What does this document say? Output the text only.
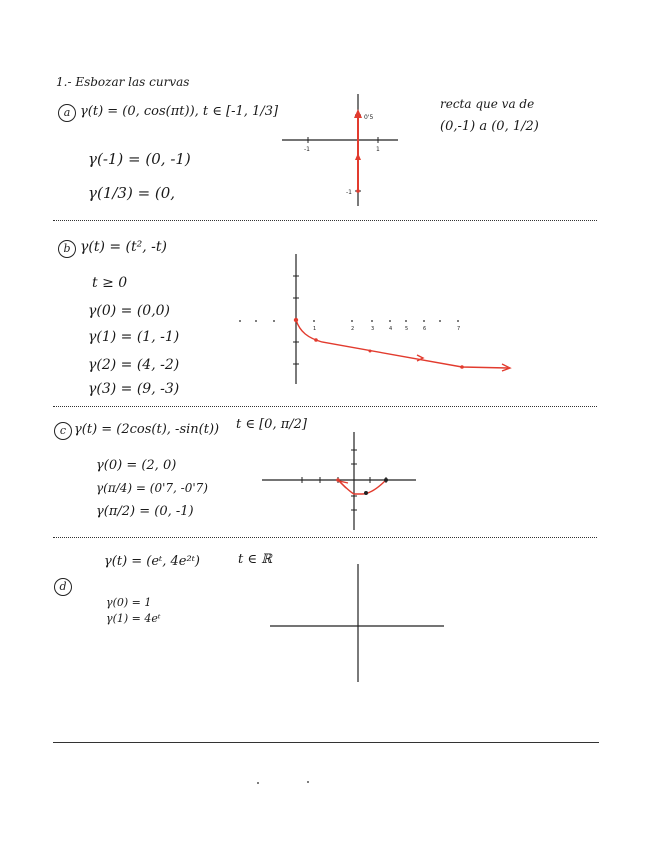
1.- Esbozar las curvas
a γ(t) = (0, cos(πt)), t ∈ [-1, 1/3]
γ(-1) = (0, -1)
γ(1/3) = (0,
recta que va de
(0,-1) a (0, 1/2)
0'5
-1
-1	1
b γ(t) = (t², -t)
t ≥ 0
γ(0) = (0,0)
γ(1) = (1, -1)
γ(2) = (4, -2)
γ(3) = (9, -3)
1	2	3	4	5	6	7
c γ(t) = (2cos(t), -sin(t)) t ∈ [0, π/2]
γ(0) = (2, 0)
γ(π/4) = (0'7, -0'7)
γ(π/2) = (0, -1)
γ(t) = (eᵗ, 4e²ᵗ)	t ∈ ℝ
d
γ(0) = 1
γ(1) = 4eᵗ
